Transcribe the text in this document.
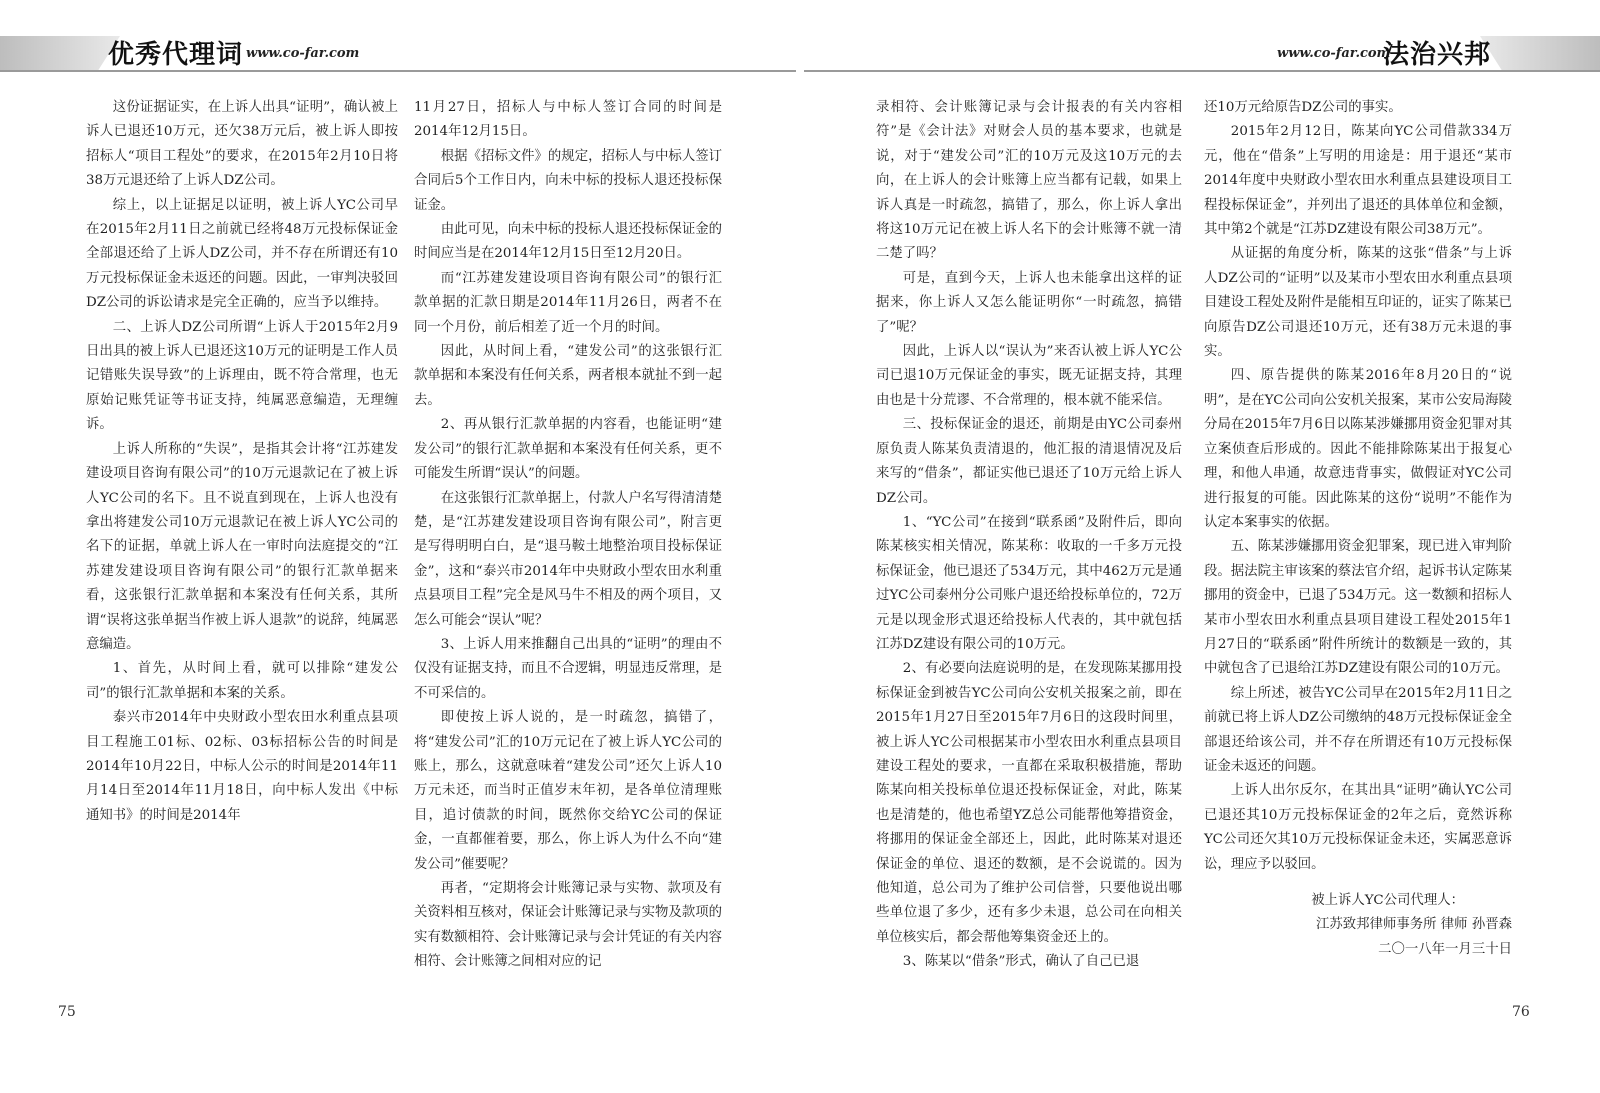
优秀代理词 www.co-far.com	www.co-far.com
法治兴邦

这份证据证实，在上诉人出具“证明”，确认被上诉人已退还10万元，还欠38万元后，被上诉人即按招标人“项目工程处”的要求，在2015年2月10日将38万元退还给了上诉人DZ公司。

综上，以上证据足以证明，被上诉人YC公司早在2015年2月11日之前就已经将48万元投标保证金全部退还给了上诉人DZ公司，并不存在所谓还有10万元投标保证金未返还的问题。因此，一审判决驳回DZ公司的诉讼请求是完全正确的，应当予以维持。

二、上诉人DZ公司所谓“上诉人于2015年2月9日出具的被上诉人已退还这10万元的证明是工作人员记错账失误导致”的上诉理由，既不符合常理，也无原始记账凭证等书证支持，纯属恶意编造，无理缠诉。

上诉人所称的“失误”，是指其会计将“江苏建发建设项目咨询有限公司”的10万元退款记在了被上诉人YC公司的名下。且不说直到现在，上诉人也没有拿出将建发公司10万元退款记在被上诉人YC公司的名下的证据，单就上诉人在一审时向法庭提交的“江苏建发建设项目咨询有限公司”的银行汇款单据来看，这张银行汇款单据和本案没有任何关系，其所谓“误将这张单据当作被上诉人退款”的说辞，纯属恶意编造。

1、首先，从时间上看，就可以排除“建发公司”的银行汇款单据和本案的关系。

泰兴市2014年中央财政小型农田水利重点县项目工程施工01标、02标、03标招标公告的时间是2014年10月22日，中标人公示的时间是2014年11月14日至2014年11月18日，向中标人发出《中标通知书》的时间是2014年

11月27日，招标人与中标人签订合同的时间是2014年12月15日。

根据《招标文件》的规定，招标人与中标人签订合同后5个工作日内，向未中标的投标人退还投标保证金。

由此可见，向未中标的投标人退还投标保证金的时间应当是在2014年12月15日至12月20日。

而“江苏建发建设项目咨询有限公司”的银行汇款单据的汇款日期是2014年11月26日，两者不在同一个月份，前后相差了近一个月的时间。

因此，从时间上看，“建发公司”的这张银行汇款单据和本案没有任何关系，两者根本就扯不到一起去。

2、再从银行汇款单据的内容看，也能证明“建发公司”的银行汇款单据和本案没有任何关系，更不可能发生所谓“误认”的问题。

在这张银行汇款单据上，付款人户名写得清清楚楚，是“江苏建发建设项目咨询有限公司”，附言更是写得明明白白，是“退马鞍土地整治项目投标保证金”，这和“泰兴市2014年中央财政小型农田水利重点县项目工程”完全是风马牛不相及的两个项目，又怎么可能会“误认”呢？

3、上诉人用来推翻自己出具的“证明”的理由不仅没有证据支持，而且不合逻辑，明显违反常理，是不可采信的。

即使按上诉人说的，是一时疏忽，搞错了，将“建发公司”汇的10万元记在了被上诉人YC公司的账上，那么，这就意味着“建发公司”还欠上诉人10万元未还，而当时正值岁末年初，是各单位清理账目，追讨债款的时间，既然你交给YC公司的保证金，一直都催着要，那么，你上诉人为什么不向“建发公司”催要呢？

再者，“定期将会计账簿记录与实物、款项及有关资料相互核对，保证会计账簿记录与实物及款项的实有数额相符、会计账簿记录与会计凭证的有关内容相符、会计账簿之间相对应的记

录相符、会计账簿记录与会计报表的有关内容相符”是《会计法》对财会人员的基本要求，也就是说，对于“建发公司”汇的10万元及这10万元的去向，在上诉人的会计账簿上应当都有记载，如果上诉人真是一时疏忽，搞错了，那么，你上诉人拿出将这10万元记在被上诉人名下的会计账簿不就一清二楚了吗？

可是，直到今天，上诉人也未能拿出这样的证据来，你上诉人又怎么能证明你“一时疏忽，搞错了”呢？

因此，上诉人以“误认为”来否认被上诉人YC公司已退10万元保证金的事实，既无证据支持，其理由也是十分荒谬、不合常理的，根本就不能采信。

三、投标保证金的退还，前期是由YC公司泰州原负责人陈某负责清退的，他汇报的清退情况及后来写的“借条”，都证实他已退还了10万元给上诉人DZ公司。

1、“YC公司”在接到“联系函”及附件后，即向陈某核实相关情况，陈某称：收取的一千多万元投标保证金，他已退还了534万元，其中462万元是通过YC公司泰州分公司账户退还给投标单位的，72万元是以现金形式退还给投标人代表的，其中就包括江苏DZ建设有限公司的10万元。

2、有必要向法庭说明的是，在发现陈某挪用投标保证金到被告YC公司向公安机关报案之前，即在2015年1月27日至2015年7月6日的这段时间里，被上诉人YC公司根据某市小型农田水利重点县项目建设工程处的要求，一直都在采取积极措施，帮助陈某向相关投标单位退还投标保证金，对此，陈某也是清楚的，他也希望YZ总公司能帮他筹措资金，将挪用的保证金全部还上，因此，此时陈某对退还保证金的单位、退还的数额，是不会说谎的。因为他知道，总公司为了维护公司信誉，只要他说出哪些单位退了多少，还有多少未退，总公司在向相关单位核实后，都会帮他筹集资金还上的。

3、陈某以“借条”形式，确认了自己已退

还10万元给原告DZ公司的事实。

2015年2月12日，陈某向YC公司借款334万元，他在“借条”上写明的用途是：用于退还“某市2014年度中央财政小型农田水利重点县建设项目工程投标保证金”，并列出了退还的具体单位和金额，其中第2个就是“江苏DZ建设有限公司38万元”。

从证据的角度分析，陈某的这张“借条”与上诉人DZ公司的“证明”以及某市小型农田水利重点县项目建设工程处及附件是能相互印证的，证实了陈某已向原告DZ公司退还10万元，还有38万元未退的事实。

四、原告提供的陈某2016年8月20日的“说明”，是在YC公司向公安机关报案，某市公安局海陵分局在2015年7月6日以陈某涉嫌挪用资金犯罪对其立案侦查后形成的。因此不能排除陈某出于报复心理，和他人串通，故意违背事实，做假证对YC公司进行报复的可能。因此陈某的这份“说明”不能作为认定本案事实的依据。

五、陈某涉嫌挪用资金犯罪案，现已进入审判阶段。据法院主审该案的蔡法官介绍，起诉书认定陈某挪用的资金中，已退了534万元。这一数额和招标人某市小型农田水利重点县项目建设工程处2015年1月27日的“联系函”附件所统计的数额是一致的，其中就包含了已退给江苏DZ建设有限公司的10万元。

综上所述，被告YC公司早在2015年2月11日之前就已将上诉人DZ公司缴纳的48万元投标保证金全部退还给该公司，并不存在所谓还有10万元投标保证金未返还的问题。

上诉人出尔反尔，在其出具“证明”确认YC公司已退还其10万元投标保证金的2年之后，竟然诉称YC公司还欠其10万元投标保证金未还，实属恶意诉讼，理应予以驳回。

被上诉人YC公司代理人：
江苏致邦律师事务所 律师 孙晋森
二〇一八年一月三十日
75	76
